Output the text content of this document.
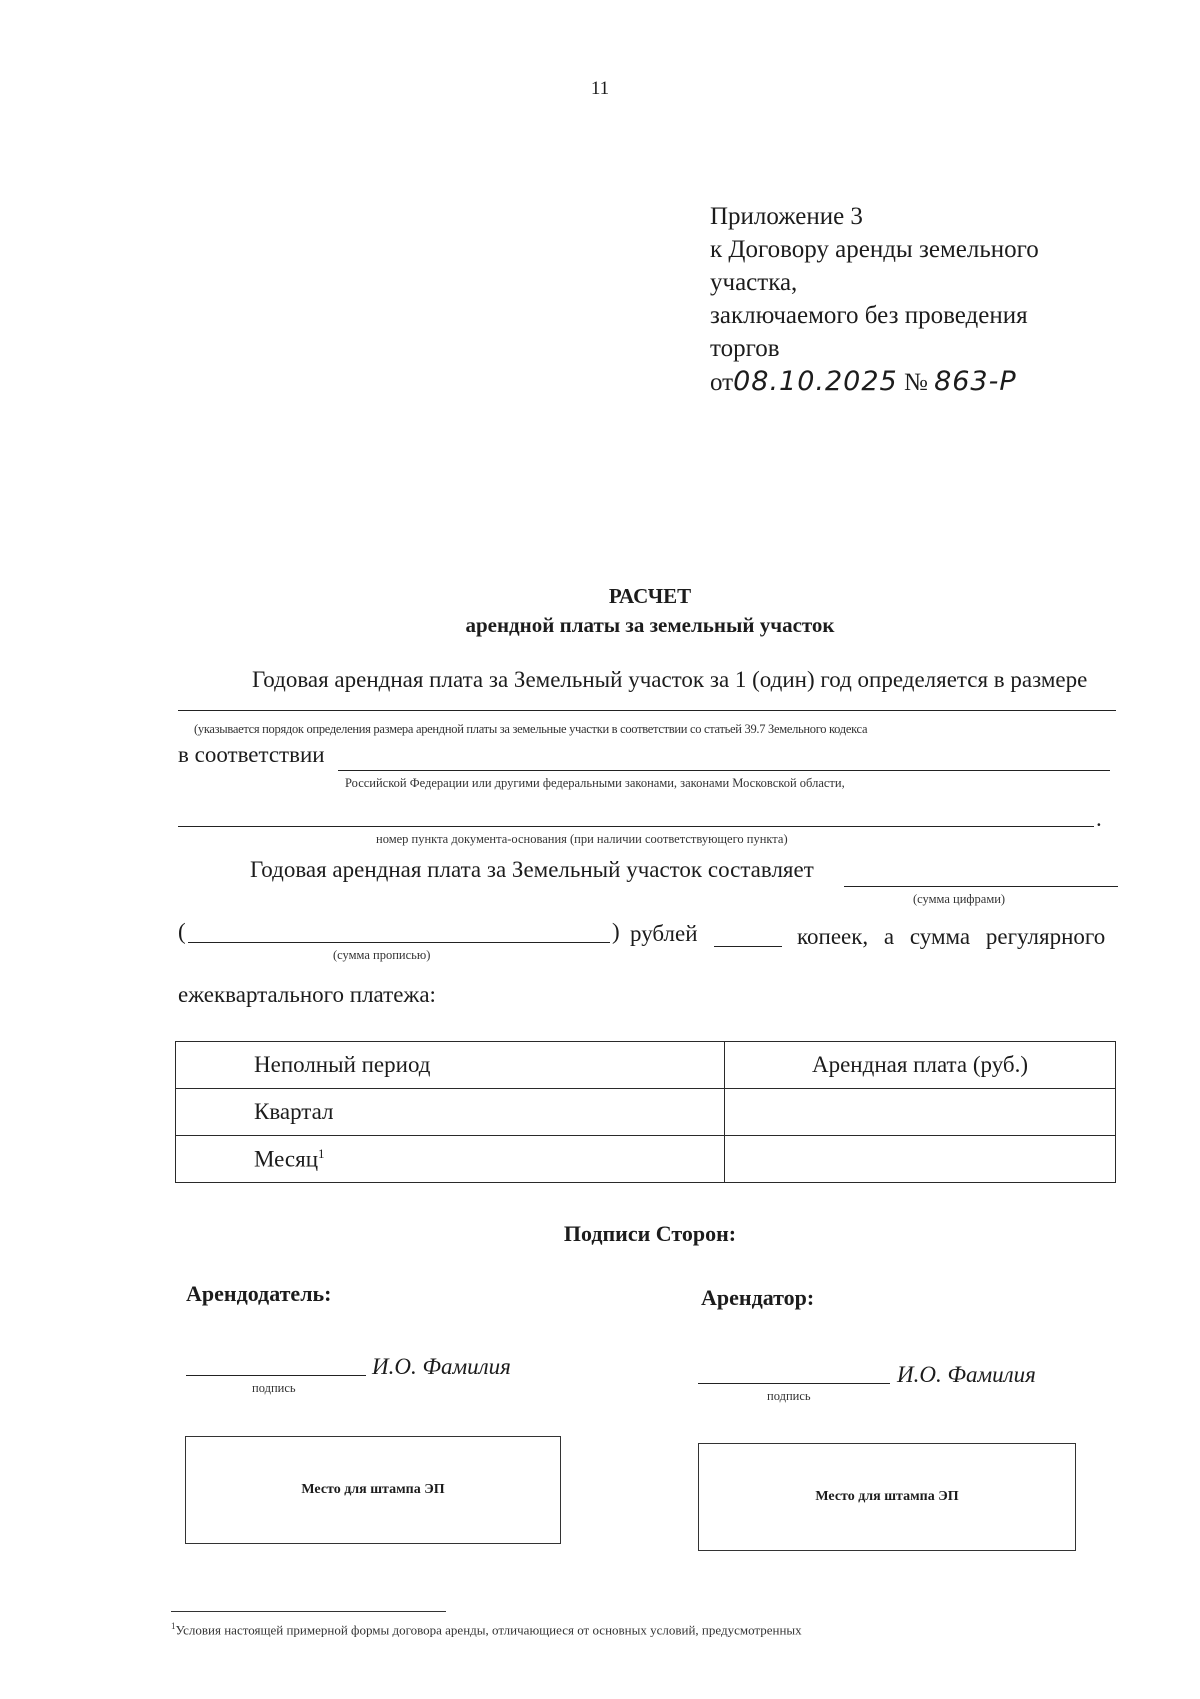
11
Приложение 3
к Договору аренды земельного
участка,
заключаемого без проведения
торгов
от08.10.2025 № 863-Р
РАСЧЕТ
арендной платы за земельный участок
Годовая арендная плата за Земельный участок за 1 (один) год определяется в размере
(указывается порядок определения размера арендной платы за земельные участки в соответствии со статьей 39.7 Земельного кодекса
в соответствии
Российской Федерации или другими федеральными законами, законами Московской области,
.
номер пункта документа-основания (при наличии соответствующего пункта)
Годовая арендная плата за Земельный участок составляет
(сумма цифрами)
(	) рублей	копеек, а сумма регулярного
(сумма прописью)
ежеквартального платежа:
Неполный период	Арендная плата (руб.)
Квартал	
Месяц$^1$	
Подписи Сторон:
Арендодатель:	Арендатор:
И.О. Фамилия
подпись
И.О. Фамилия
подпись
Место для штампа ЭП	Место для штампа ЭП
$^1$Условия настоящей примерной формы договора аренды, отличающиеся от основных условий, предусмотренных
